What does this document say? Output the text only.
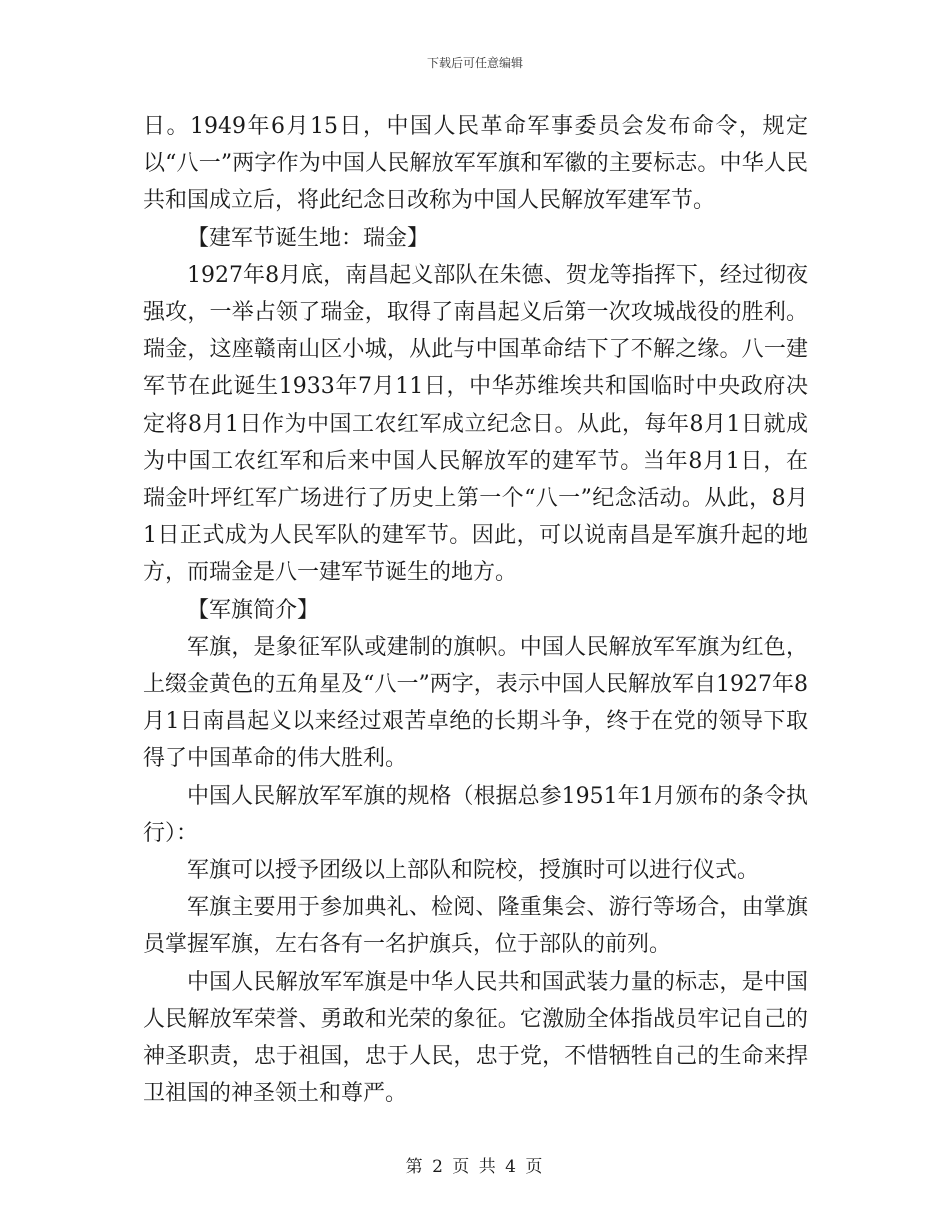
下载后可任意编辑

日。1949年6月15日，中国人民革命军事委员会发布命令，规定以“八一”两字作为中国人民解放军军旗和军徽的主要标志。中华人民共和国成立后，将此纪念日改称为中国人民解放军建军节。

【建军节诞生地：瑞金】

1927年8月底，南昌起义部队在朱德、贺龙等指挥下，经过彻夜强攻，一举占领了瑞金，取得了南昌起义后第一次攻城战役的胜利。瑞金，这座赣南山区小城，从此与中国革命结下了不解之缘。八一建军节在此诞生1933年7月11日，中华苏维埃共和国临时中央政府决定将8月1日作为中国工农红军成立纪念日。从此，每年8月1日就成为中国工农红军和后来中国人民解放军的建军节。当年8月1日，在瑞金叶坪红军广场进行了历史上第一个“八一”纪念活动。从此，8月1日正式成为人民军队的建军节。因此，可以说南昌是军旗升起的地方，而瑞金是八一建军节诞生的地方。

【军旗简介】

军旗，是象征军队或建制的旗帜。中国人民解放军军旗为红色，上缀金黄色的五角星及“八一”两字，表示中国人民解放军自1927年8月1日南昌起义以来经过艰苦卓绝的长期斗争，终于在党的领导下取得了中国革命的伟大胜利。

中国人民解放军军旗的规格（根据总参1951年1月颁布的条令执行）：

军旗可以授予团级以上部队和院校，授旗时可以进行仪式。

军旗主要用于参加典礼、检阅、隆重集会、游行等场合，由掌旗员掌握军旗，左右各有一名护旗兵，位于部队的前列。

中国人民解放军军旗是中华人民共和国武装力量的标志，是中国人民解放军荣誉、勇敢和光荣的象征。它激励全体指战员牢记自己的神圣职责，忠于祖国，忠于人民，忠于党，不惜牺牲自己的生命来捍卫祖国的神圣领土和尊严。

第 2 页 共 4 页
